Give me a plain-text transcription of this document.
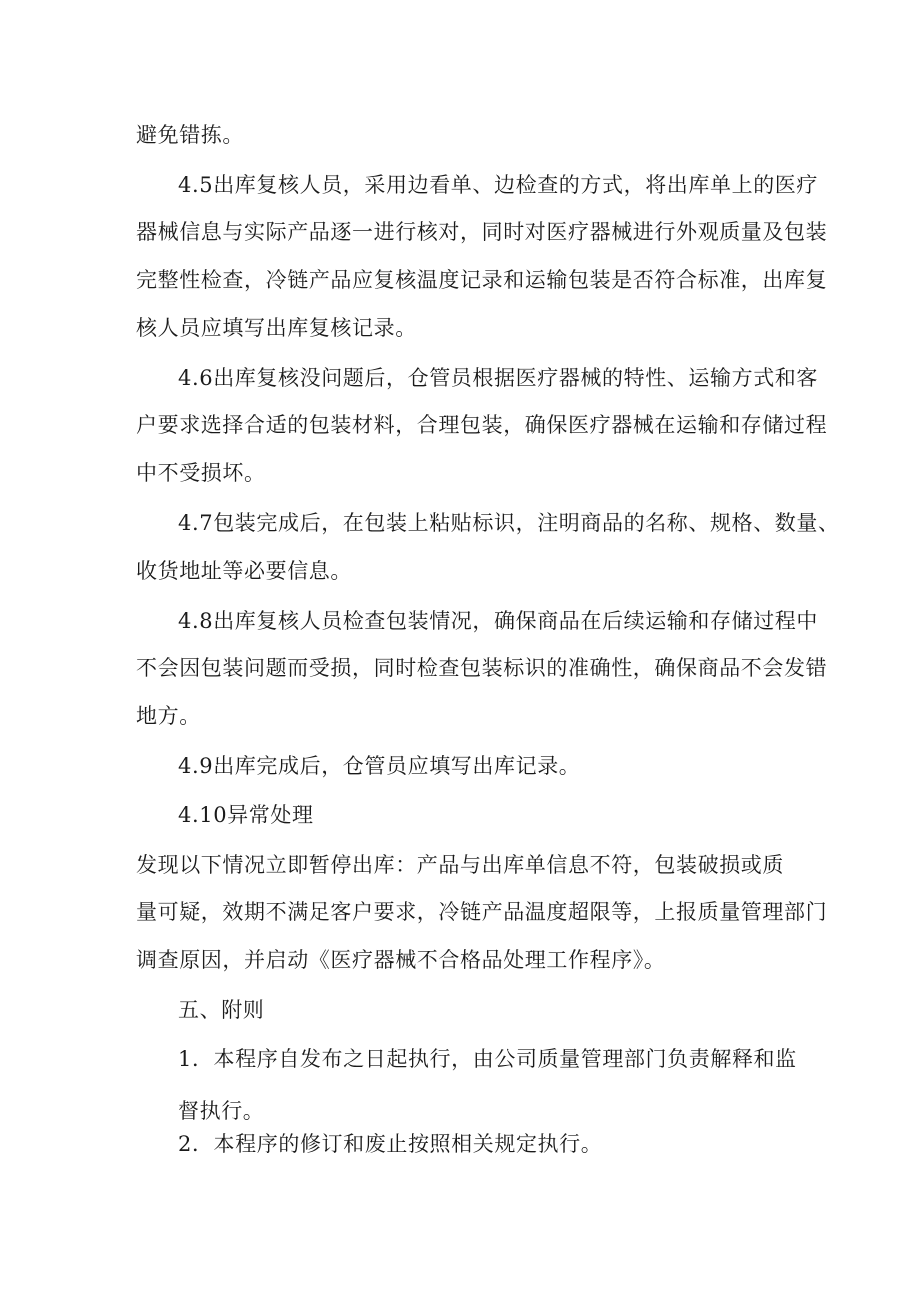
避免错拣。
4.5出库复核人员，采用边看单、边检查的方式，将出库单上的医疗
器械信息与实际产品逐一进行核对，同时对医疗器械进行外观质量及包装
完整性检查，冷链产品应复核温度记录和运输包装是否符合标准，出库复
核人员应填写出库复核记录。
4.6出库复核没问题后，仓管员根据医疗器械的特性、运输方式和客
户要求选择合适的包装材料，合理包装，确保医疗器械在运输和存储过程
中不受损坏。
4.7包装完成后，在包装上粘贴标识，注明商品的名称、规格、数量、
收货地址等必要信息。
4.8出库复核人员检查包装情况，确保商品在后续运输和存储过程中
不会因包装问题而受损，同时检查包装标识的准确性，确保商品不会发错
地方。
4.9出库完成后，仓管员应填写出库记录。
4.10异常处理
发现以下情况立即暂停出库：产品与出库单信息不符，包装破损或质
量可疑，效期不满足客户要求，冷链产品温度超限等，上报质量管理部门
调查原因，并启动《医疗器械不合格品处理工作程序》。
五、附则
1．本程序自发布之日起执行，由公司质量管理部门负责解释和监
督执行。
2．本程序的修订和废止按照相关规定执行。
